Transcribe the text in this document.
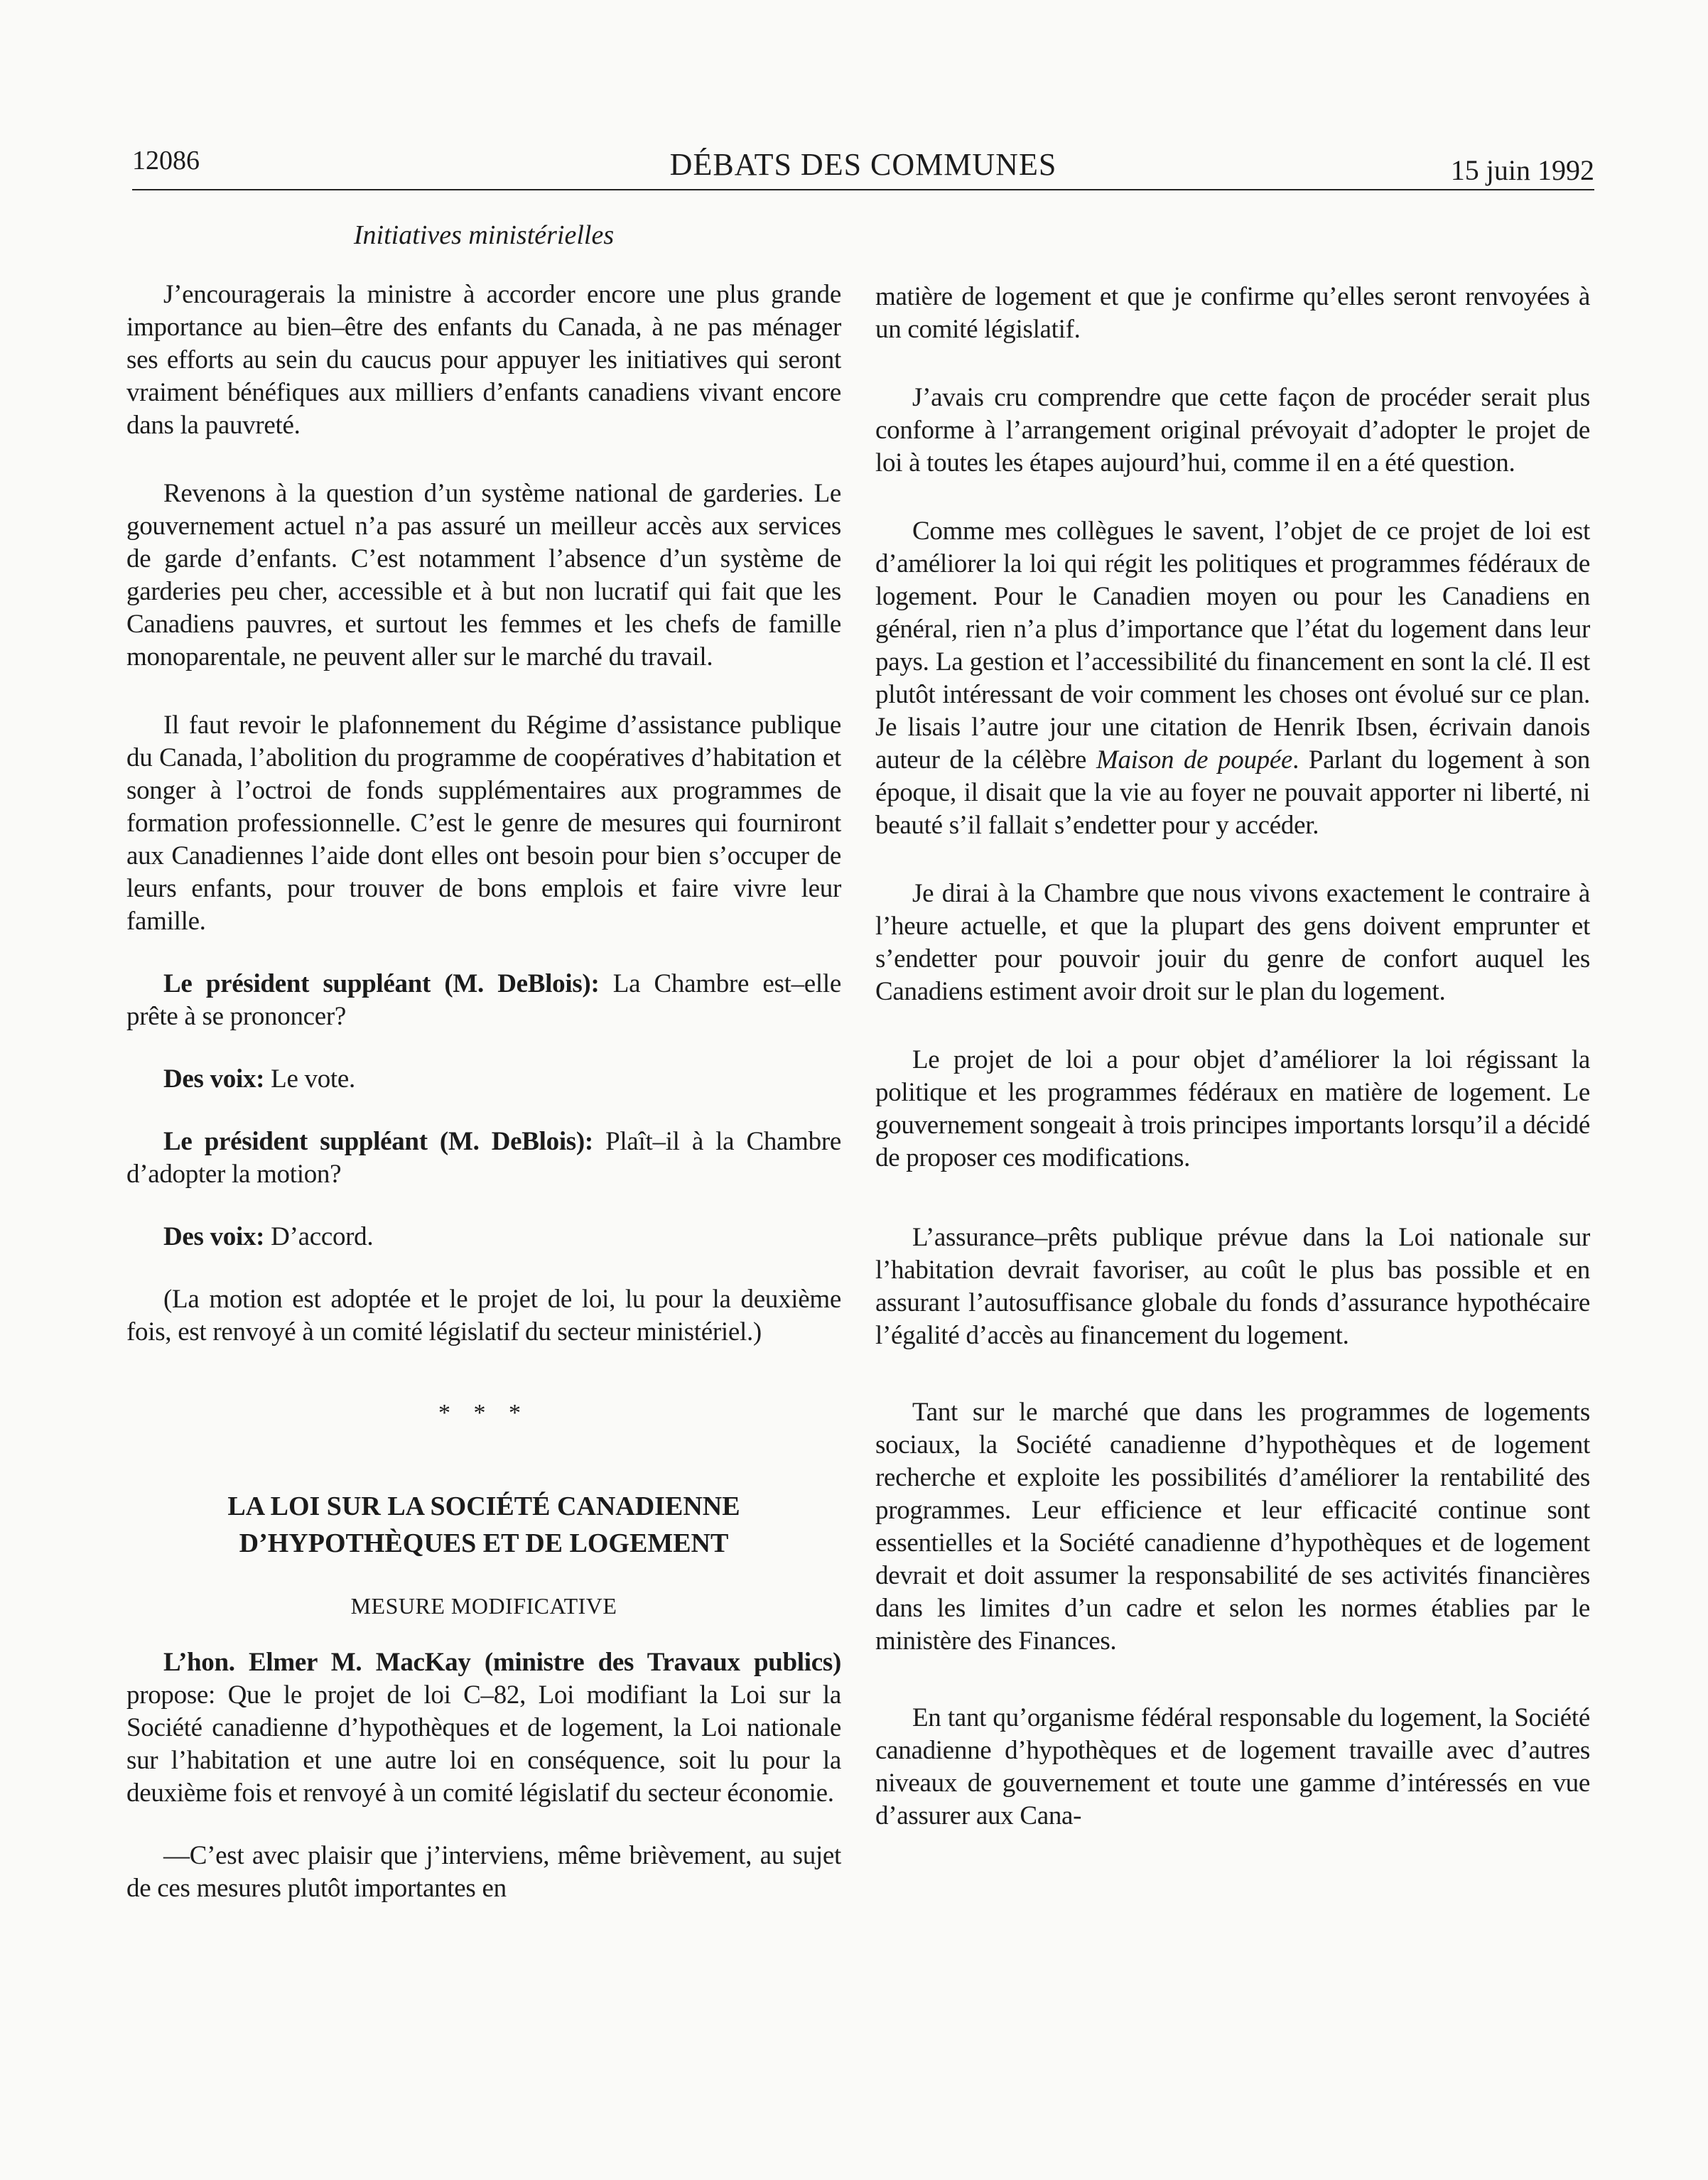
12086	DÉBATS DES COMMUNES	15 juin 1992
Initiatives ministérielles

J’encouragerais la ministre à accorder encore une plus grande importance au bien–être des enfants du Canada, à ne pas ménager ses efforts au sein du caucus pour appuyer les initiatives qui seront vraiment bénéfiques aux milliers d’enfants canadiens vivant encore dans la pauvreté.

Revenons à la question d’un système national de garderies. Le gouvernement actuel n’a pas assuré un meilleur accès aux services de garde d’enfants. C’est notamment l’absence d’un système de garderies peu cher, accessible et à but non lucratif qui fait que les Canadiens pauvres, et surtout les femmes et les chefs de famille monoparentale, ne peuvent aller sur le marché du travail.

Il faut revoir le plafonnement du Régime d’assistance publique du Canada, l’abolition du programme de coopératives d’habitation et songer à l’octroi de fonds supplémentaires aux programmes de formation professionnelle. C’est le genre de mesures qui fourniront aux Canadiennes l’aide dont elles ont besoin pour bien s’occuper de leurs enfants, pour trouver de bons emplois et faire vivre leur famille.

Le président suppléant (M. DeBlois): La Chambre est–elle prête à se prononcer?

Des voix: Le vote.

Le président suppléant (M. DeBlois): Plaît–il à la Chambre d’adopter la motion?

Des voix: D’accord.

(La motion est adoptée et le projet de loi, lu pour la deuxième fois, est renvoyé à un comité législatif du secteur ministériel.)

* * *

LA LOI SUR LA SOCIÉTÉ CANADIENNE

D’HYPOTHÈQUES ET DE LOGEMENT

MESURE MODIFICATIVE

L’hon. Elmer M. MacKay (ministre des Travaux publics) propose: Que le projet de loi C–82, Loi modifiant la Loi sur la Société canadienne d’hypothèques et de logement, la Loi nationale sur l’habitation et une autre loi en conséquence, soit lu pour la deuxième fois et renvoyé à un comité législatif du secteur économie.

—C’est avec plaisir que j’interviens, même brièvement, au sujet de ces mesures plutôt importantes en

matière de logement et que je confirme qu’elles seront renvoyées à un comité législatif.

J’avais cru comprendre que cette façon de procéder serait plus conforme à l’arrangement original prévoyait d’adopter le projet de loi à toutes les étapes aujourd’hui, comme il en a été question.

Comme mes collègues le savent, l’objet de ce projet de loi est d’améliorer la loi qui régit les politiques et programmes fédéraux de logement. Pour le Canadien moyen ou pour les Canadiens en général, rien n’a plus d’importance que l’état du logement dans leur pays. La gestion et l’accessibilité du financement en sont la clé. Il est plutôt intéressant de voir comment les choses ont évolué sur ce plan. Je lisais l’autre jour une citation de Henrik Ibsen, écrivain danois auteur de la célèbre Maison de poupée. Parlant du logement à son époque, il disait que la vie au foyer ne pouvait apporter ni liberté, ni beauté s’il fallait s’endetter pour y accéder.

Je dirai à la Chambre que nous vivons exactement le contraire à l’heure actuelle, et que la plupart des gens doivent emprunter et s’endetter pour pouvoir jouir du genre de confort auquel les Canadiens estiment avoir droit sur le plan du logement.

Le projet de loi a pour objet d’améliorer la loi régissant la politique et les programmes fédéraux en matière de logement. Le gouvernement songeait à trois principes importants lorsqu’il a décidé de proposer ces modifications.

L’assurance–prêts publique prévue dans la Loi nationale sur l’habitation devrait favoriser, au coût le plus bas possible et en assurant l’autosuffisance globale du fonds d’assurance hypothécaire l’égalité d’accès au financement du logement.

Tant sur le marché que dans les programmes de logements sociaux, la Société canadienne d’hypothèques et de logement recherche et exploite les possibilités d’améliorer la rentabilité des programmes. Leur efficience et leur efficacité continue sont essentielles et la Société canadienne d’hypothèques et de logement devrait et doit assumer la responsabilité de ses activités financières dans les limites d’un cadre et selon les normes établies par le ministère des Finances.

En tant qu’organisme fédéral responsable du logement, la Société canadienne d’hypothèques et de logement travaille avec d’autres niveaux de gouvernement et toute une gamme d’intéressés en vue d’assurer aux Cana-
